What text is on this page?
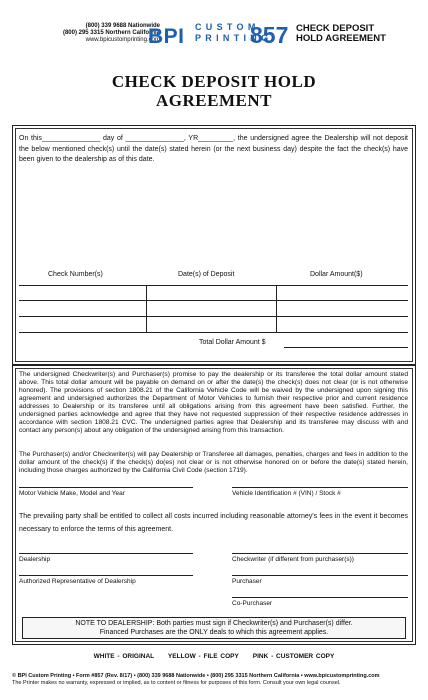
(800) 339 9688 Nationwide
(800) 295 3315 Northern California
www.bpicustomprinting.com
BPI CUSTOM
PRINTING
857 CHECK DEPOSIT
HOLD AGREEMENT
CHECK DEPOSIT HOLD
AGREEMENT
On this_______________ day of _______________, YR_________, the undersigned agree the Dealership will not deposit the below mentioned check(s) until the date(s) stated herein (or the next business day) despite the fact the check(s) have been given to the dealership as of this date.
Check Number(s)	Date(s) of Deposit	Dollar Amount($)
Total Dollar Amount $
The undersigned Checkwriter(s) and Purchaser(s) promise to pay the dealership or its transferee the total dollar amount stated above. This total dollar amount will be payable on demand on or after the date(s) the check(s) does not clear (or is not otherwise honored). The provisions of section 1808.21 of the California Vehicle Code will be waived by the undersigned upon signing this agreement and undersigned authorizes the Department of Motor Vehicles to furnish their respective prior and current residence addresses to Dealership or its transferee until all obligations arising from this agreement have been satisfied. Further, the undersigned parties acknowledge and agree that they have not requested suppression of their respective residence addresses in accordance with section 1808.21 CVC. The undersigned parties agree that Dealership and its transferee may discuss with and contact any person(s) about any obligation of the undersigned arising from this transaction.
The Purchaser(s) and/or Checkwriter(s) will pay Dealership or Transferee all damages, penalties, charges and fees in addition to the dollar amount of the check(s) if the check(s) do(es) not clear or is not otherwise honored on or before the date(s) stated herein, including those charges authorized by the California Civil Code (section 1719).
Motor Vehicle Make, Model and Year	Vehicle Identification # (VIN) / Stock #
The prevailing party shall be entitled to collect all costs incurred including reasonable attorney's fees in the event it becomes necessary to enforce the terms of this agreement.
Dealership	Checkwriter (if different from purchaser(s))
Authorized Representative of Dealership	Purchaser
Co-Purchaser
NOTE TO DEALERSHIP: Both parties must sign if Checkwriter(s) and Purchaser(s) differ.
Financed Purchases are the ONLY deals to which this agreement applies.
WHITE - ORIGINAL     YELLOW - FILE COPY     PINK - CUSTOMER COPY
© BPI Custom Printing • Form #857 (Rev. 8/17) • (800) 339 9688 Nationwide • (800) 295 3315 Northern California • www.bpicustomprinting.com
The Printer makes no warranty, expressed or implied, as to content or fitness for purposes of this form. Consult your own legal counsel.
